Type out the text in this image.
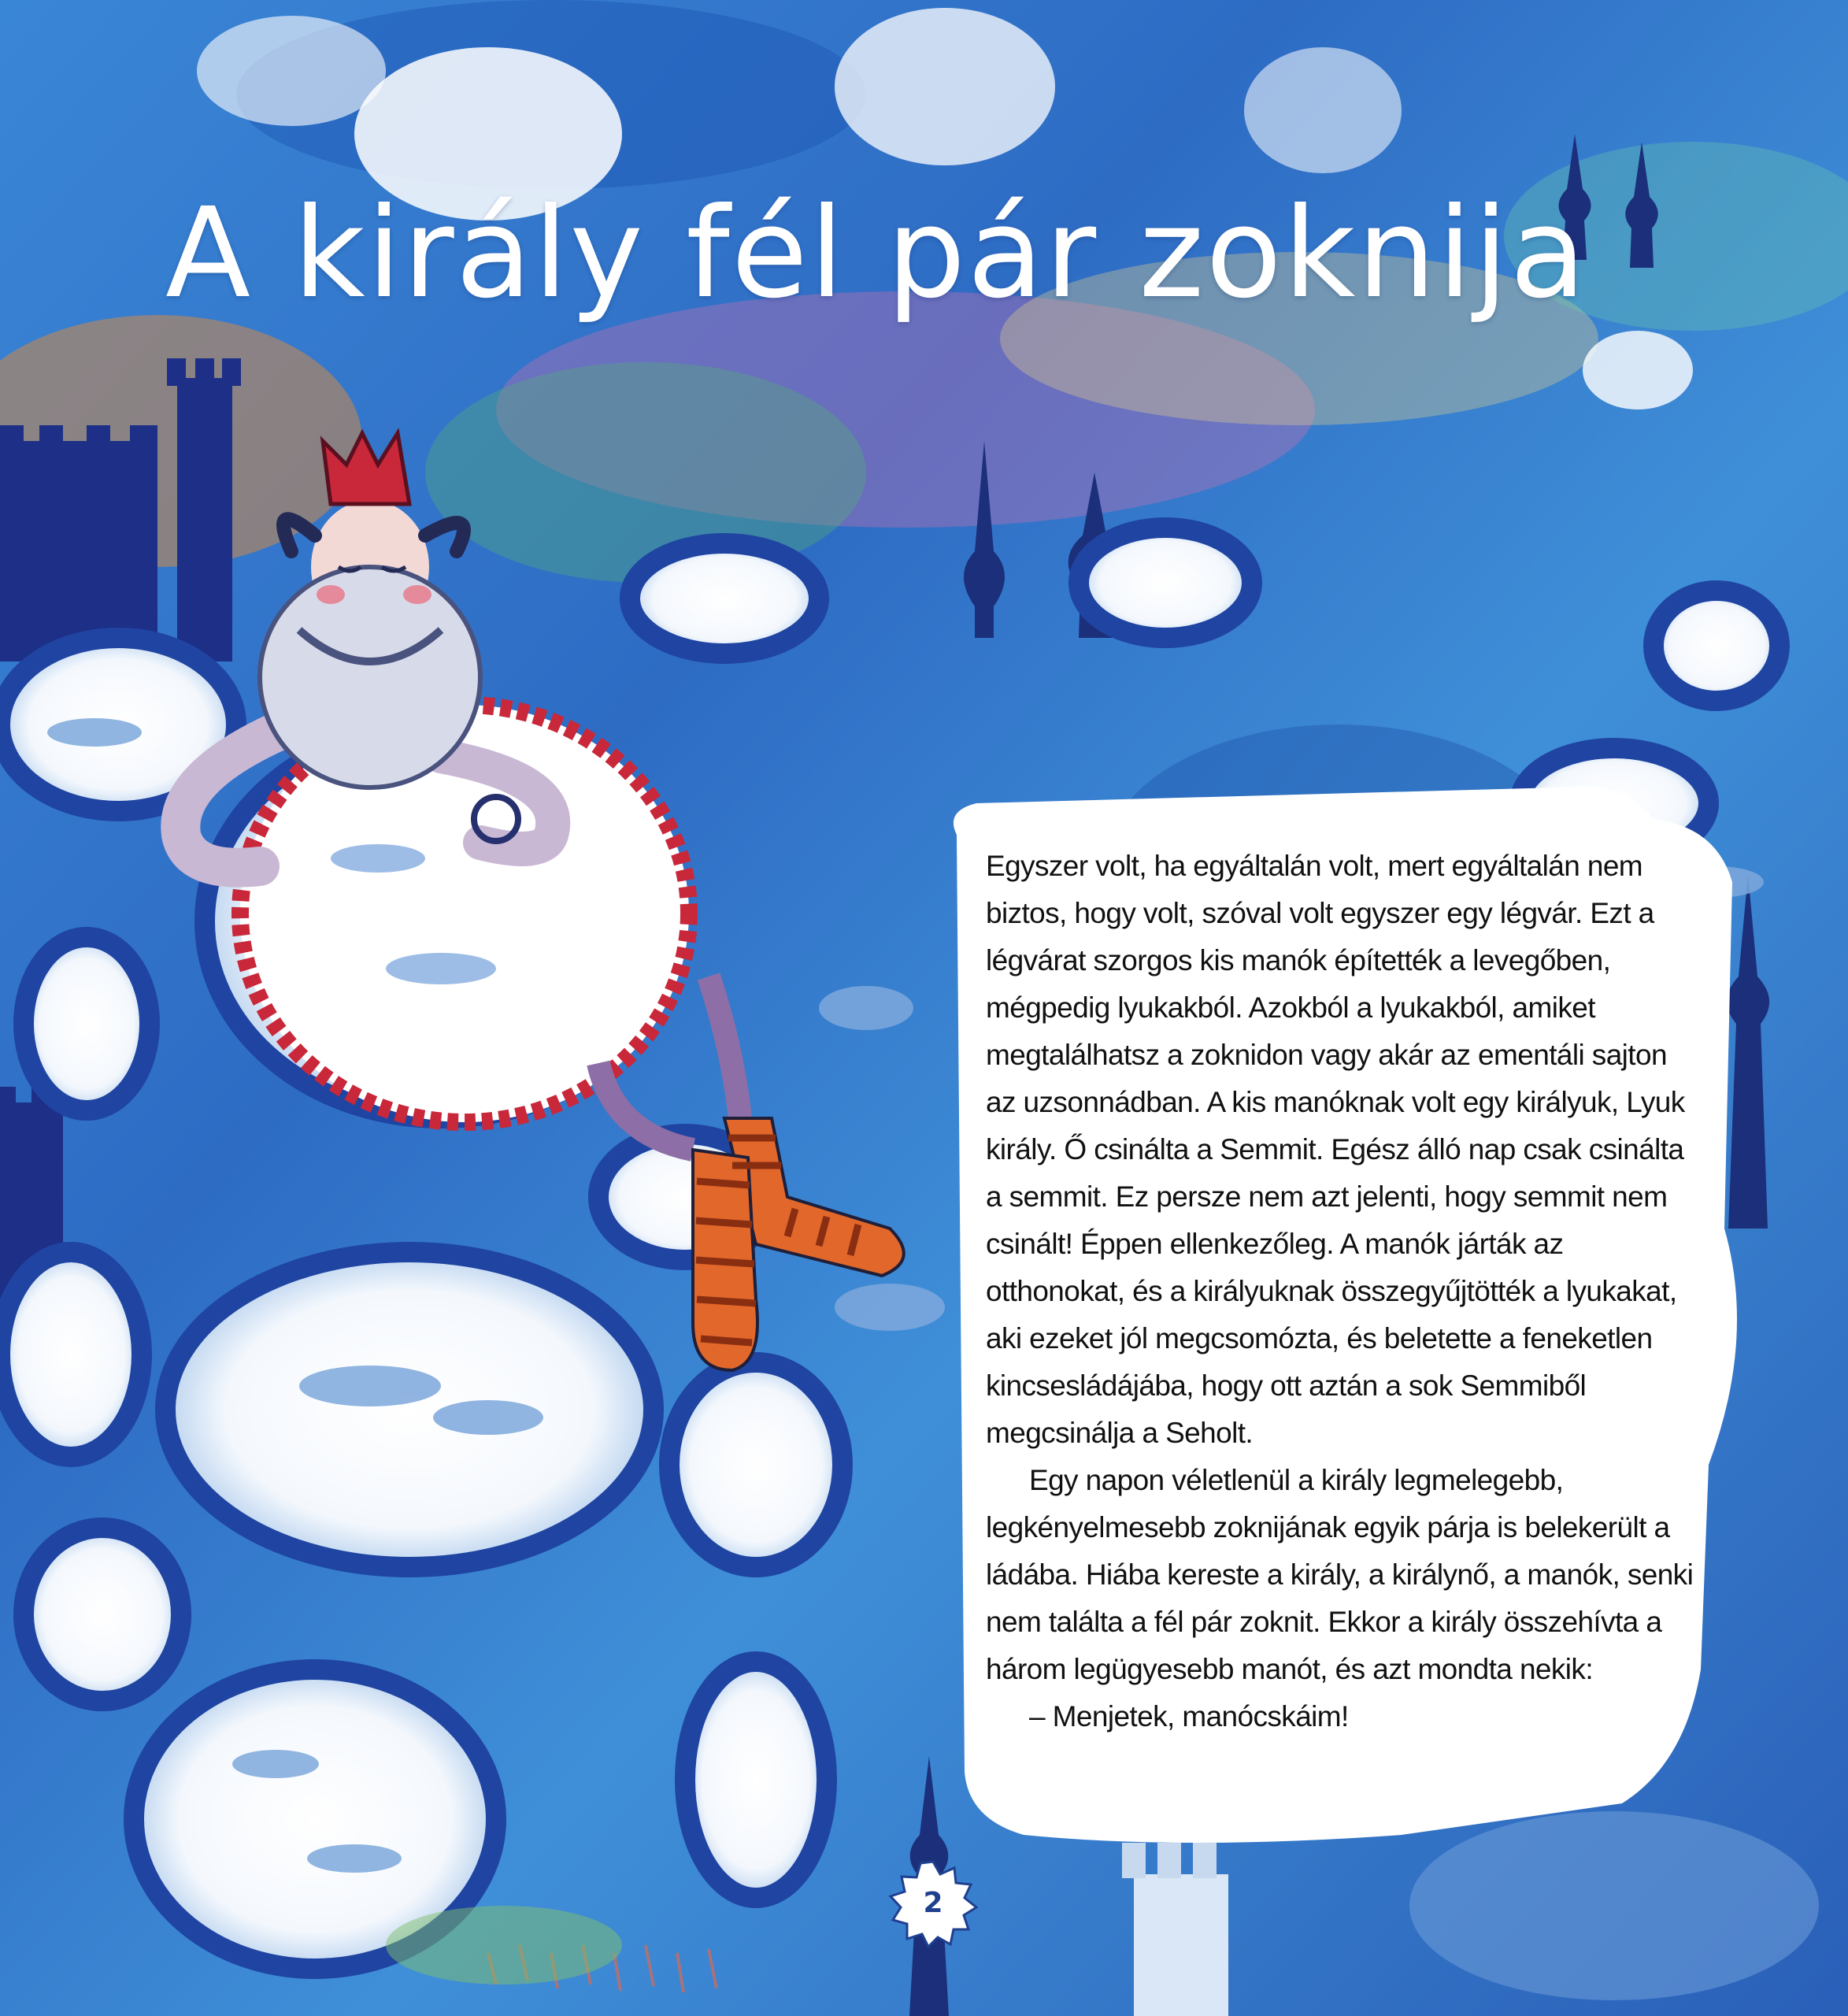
A király fél pár zoknija

Egyszer volt, ha egyáltalán volt, mert egyáltalán nem biztos, hogy volt, szóval volt egyszer egy légvár. Ezt a légvárat szorgos kis manók építették a levegőben, mégpedig lyukakból. Azokból a lyukakból, amiket megtalálhatsz a zoknidon vagy akár az ementáli sajton az uzsonnádban. A kis manóknak volt egy királyuk, Lyuk király. Ő csinálta a Semmit. Egész álló nap csak csinálta a semmit. Ez persze nem azt jelenti, hogy semmit nem csinált! Éppen ellenkezőleg. A manók járták az otthonokat, és a királyuknak összegyűjtötték a lyukakat, aki ezeket jól megcsomózta, és beletette a feneketlen kincsesládájába, hogy ott aztán a sok Semmiből megcsinálja a Seholt.

Egy napon véletlenül a király legmelegebb, legkényelmesebb zoknijának egyik párja is belekerült a ládába. Hiába kereste a király, a királynő, a manók, senki nem találta a fél pár zoknit. Ekkor a király összehívta a három legügyesebb manót, és azt mondta nekik:

– Menjetek, manócskáim!

2
